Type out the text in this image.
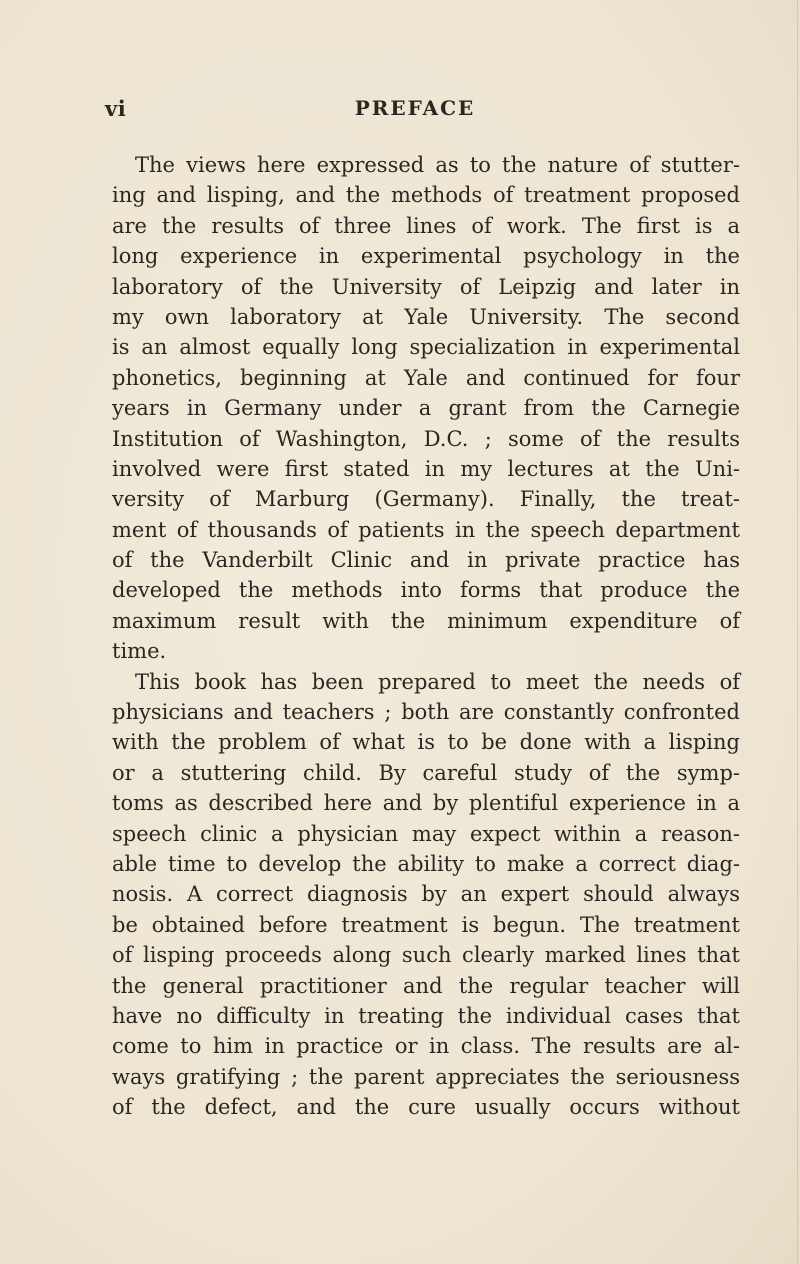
vi	PREFACE
The views here expressed as to the nature of stutter-
ing and lisping, and the methods of treatment proposed
are the results of three lines of work. The first is a
long experience in experimental psychology in the
laboratory of the University of Leipzig and later in
my own laboratory at Yale University. The second
is an almost equally long specialization in experimental
phonetics, beginning at Yale and continued for four
years in Germany under a grant from the Carnegie
Institution of Washington, D.C. ; some of the results
involved were first stated in my lectures at the Uni-
versity of Marburg (Germany). Finally, the treat-
ment of thousands of patients in the speech department
of the Vanderbilt Clinic and in private practice has
developed the methods into forms that produce the
maximum result with the minimum expenditure of
time.
This book has been prepared to meet the needs of
physicians and teachers ; both are constantly confronted
with the problem of what is to be done with a lisping
or a stuttering child. By careful study of the symp-
toms as described here and by plentiful experience in a
speech clinic a physician may expect within a reason-
able time to develop the ability to make a correct diag-
nosis. A correct diagnosis by an expert should always
be obtained before treatment is begun. The treatment
of lisping proceeds along such clearly marked lines that
the general practitioner and the regular teacher will
have no difficulty in treating the individual cases that
come to him in practice or in class. The results are al-
ways gratifying ; the parent appreciates the seriousness
of the defect, and the cure usually occurs without
